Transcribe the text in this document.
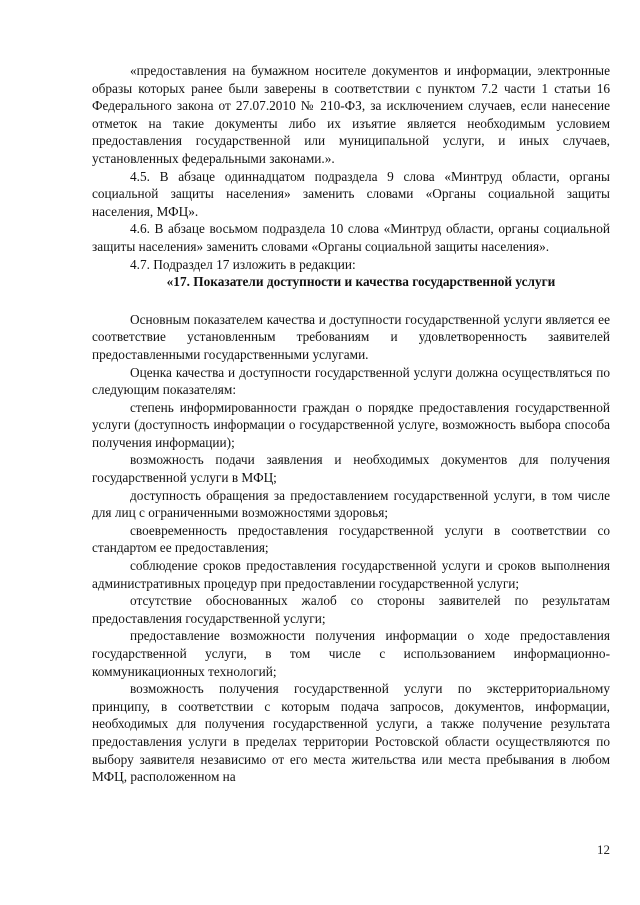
«предоставления на бумажном носителе документов и информации, электронные образы которых ранее были заверены в соответствии с пунктом 7.2 части 1 статьи 16 Федерального закона от 27.07.2010 № 210-ФЗ, за исключением случаев, если нанесение отметок на такие документы либо их изъятие является необходимым условием предоставления государственной или муниципальной услуги, и иных случаев, установленных федеральными законами.».

4.5. В абзаце одиннадцатом подраздела 9 слова «Минтруд области, органы социальной защиты населения» заменить словами «Органы социальной защиты населения, МФЦ».

4.6. В абзаце восьмом подраздела 10 слова «Минтруд области, органы социальной защиты населения» заменить словами «Органы социальной защиты населения».

4.7. Подраздел 17 изложить в редакции:

«17. Показатели доступности и качества государственной услуги

Основным показателем качества и доступности государственной услуги является ее соответствие установленным требованиям и удовлетворенность заявителей предоставленными государственными услугами.

Оценка качества и доступности государственной услуги должна осуществляться по следующим показателям:

степень информированности граждан о порядке предоставления государственной услуги (доступность информации о государственной услуге, возможность выбора способа получения информации);

возможность подачи заявления и необходимых документов для получения государственной услуги в МФЦ;

доступность обращения за предоставлением государственной услуги, в том числе для лиц с ограниченными возможностями здоровья;

своевременность предоставления государственной услуги в соответствии со стандартом ее предоставления;

соблюдение сроков предоставления государственной услуги и сроков выполнения административных процедур при предоставлении государственной услуги;

отсутствие обоснованных жалоб со стороны заявителей по результатам предоставления государственной услуги;

предоставление возможности получения информации о ходе предоставления государственной услуги, в том числе с использованием информационно-коммуникационных технологий;

возможность получения государственной услуги по экстерриториальному принципу, в соответствии с которым подача запросов, документов, информации, необходимых для получения государственной услуги, а также получение результата предоставления услуги в пределах территории Ростовской области осуществляются по выбору заявителя независимо от его места жительства или места пребывания в любом МФЦ, расположенном на

12
